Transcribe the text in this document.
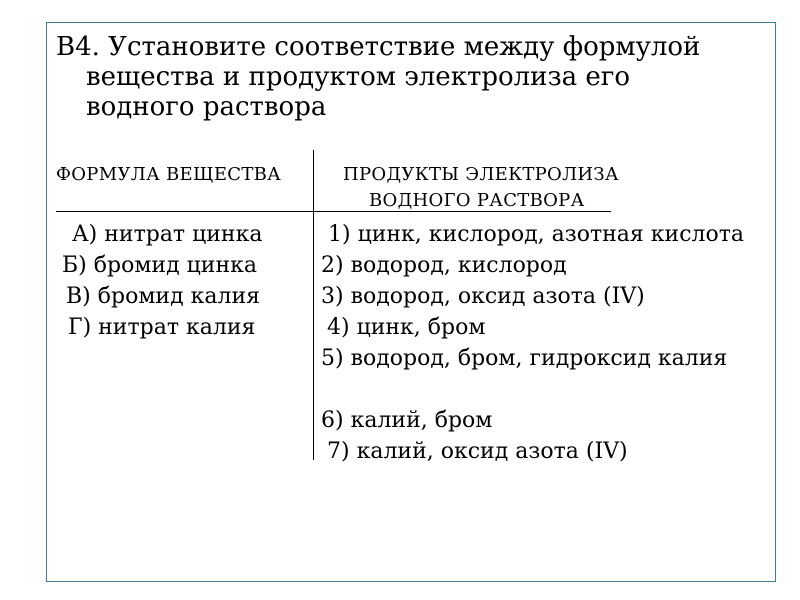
В4. Установите соответствие между формулой
вещества и продуктом электролиза его
водного раствора
ФОРМУЛА ВЕЩЕСТВА	ПРОДУКТЫ ЭЛЕКТРОЛИЗА
ВОДНОГО РАСТВОРА
А) нитрат цинка
Б) бромид цинка
В) бромид калия
Г) нитрат калия
1) цинк, кислород, азотная кислота
2) водород, кислород
3) водород, оксид азота (IV)
4) цинк, бром
5) водород, бром, гидроксид калия
6) калий, бром
7) калий, оксид азота (IV)
